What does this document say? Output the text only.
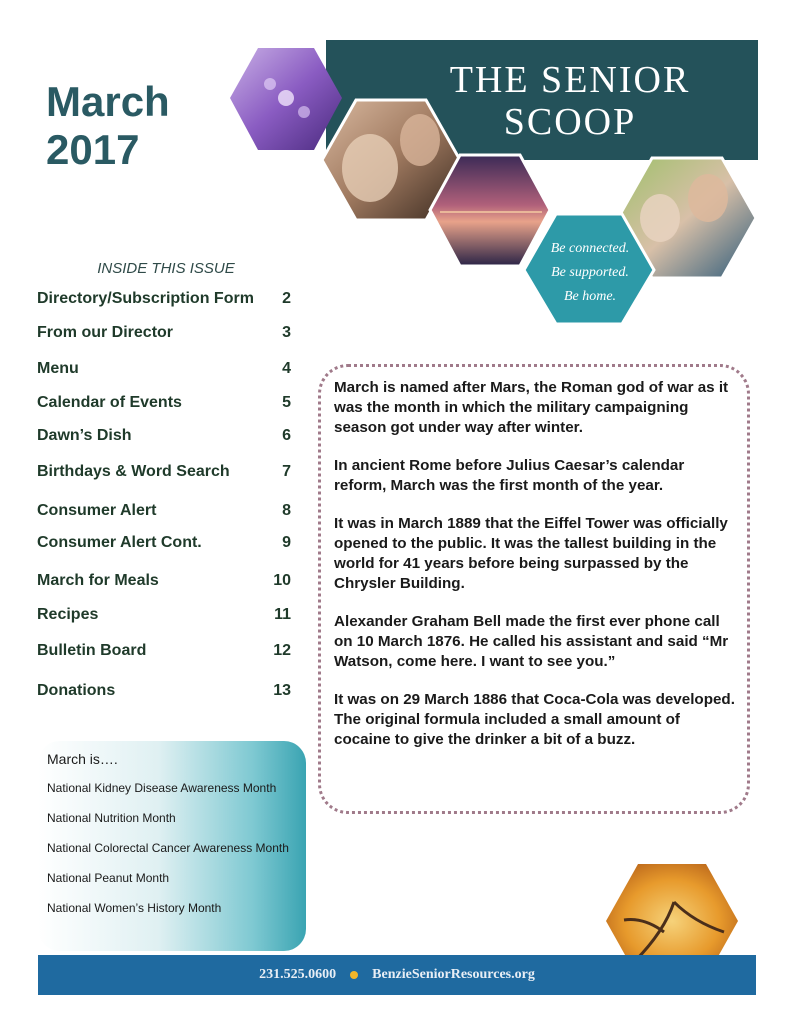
March
2017
THE SENIOR
SCOOP
Be connected.
Be supported.
Be home.
INSIDE THIS ISSUE
Directory/Subscription Form	2
From our Director	3
Menu	4
Calendar of Events	5
Dawn’s Dish	6
Birthdays & Word Search	7
Consumer Alert	8
Consumer Alert Cont.	9
March for Meals	10
Recipes	11
Bulletin Board	12
Donations	13

March is named after Mars, the Roman god of war as it was the month in which the military campaigning season got under way after winter.

In ancient Rome before Julius Caesar’s calendar reform, March was the first month of the year.

It was in March 1889 that the Eiffel Tower was officially opened to the public. It was the tallest building in the world for 41 years before being surpassed by the Chrysler Building.

Alexander Graham Bell made the first ever phone call on 10 March 1876. He called his assistant and said “Mr Watson, come here. I want to see you.”

It was on 29 March 1886 that Coca-Cola was developed. The original formula included a small amount of cocaine to give the drinker a bit of a buzz.

March is….
National Kidney Disease Awareness Month
National Nutrition Month
National Colorectal Cancer Awareness Month
National Peanut Month
National Women’s History Month
231.525.0600	BenzieSeniorResources.org
